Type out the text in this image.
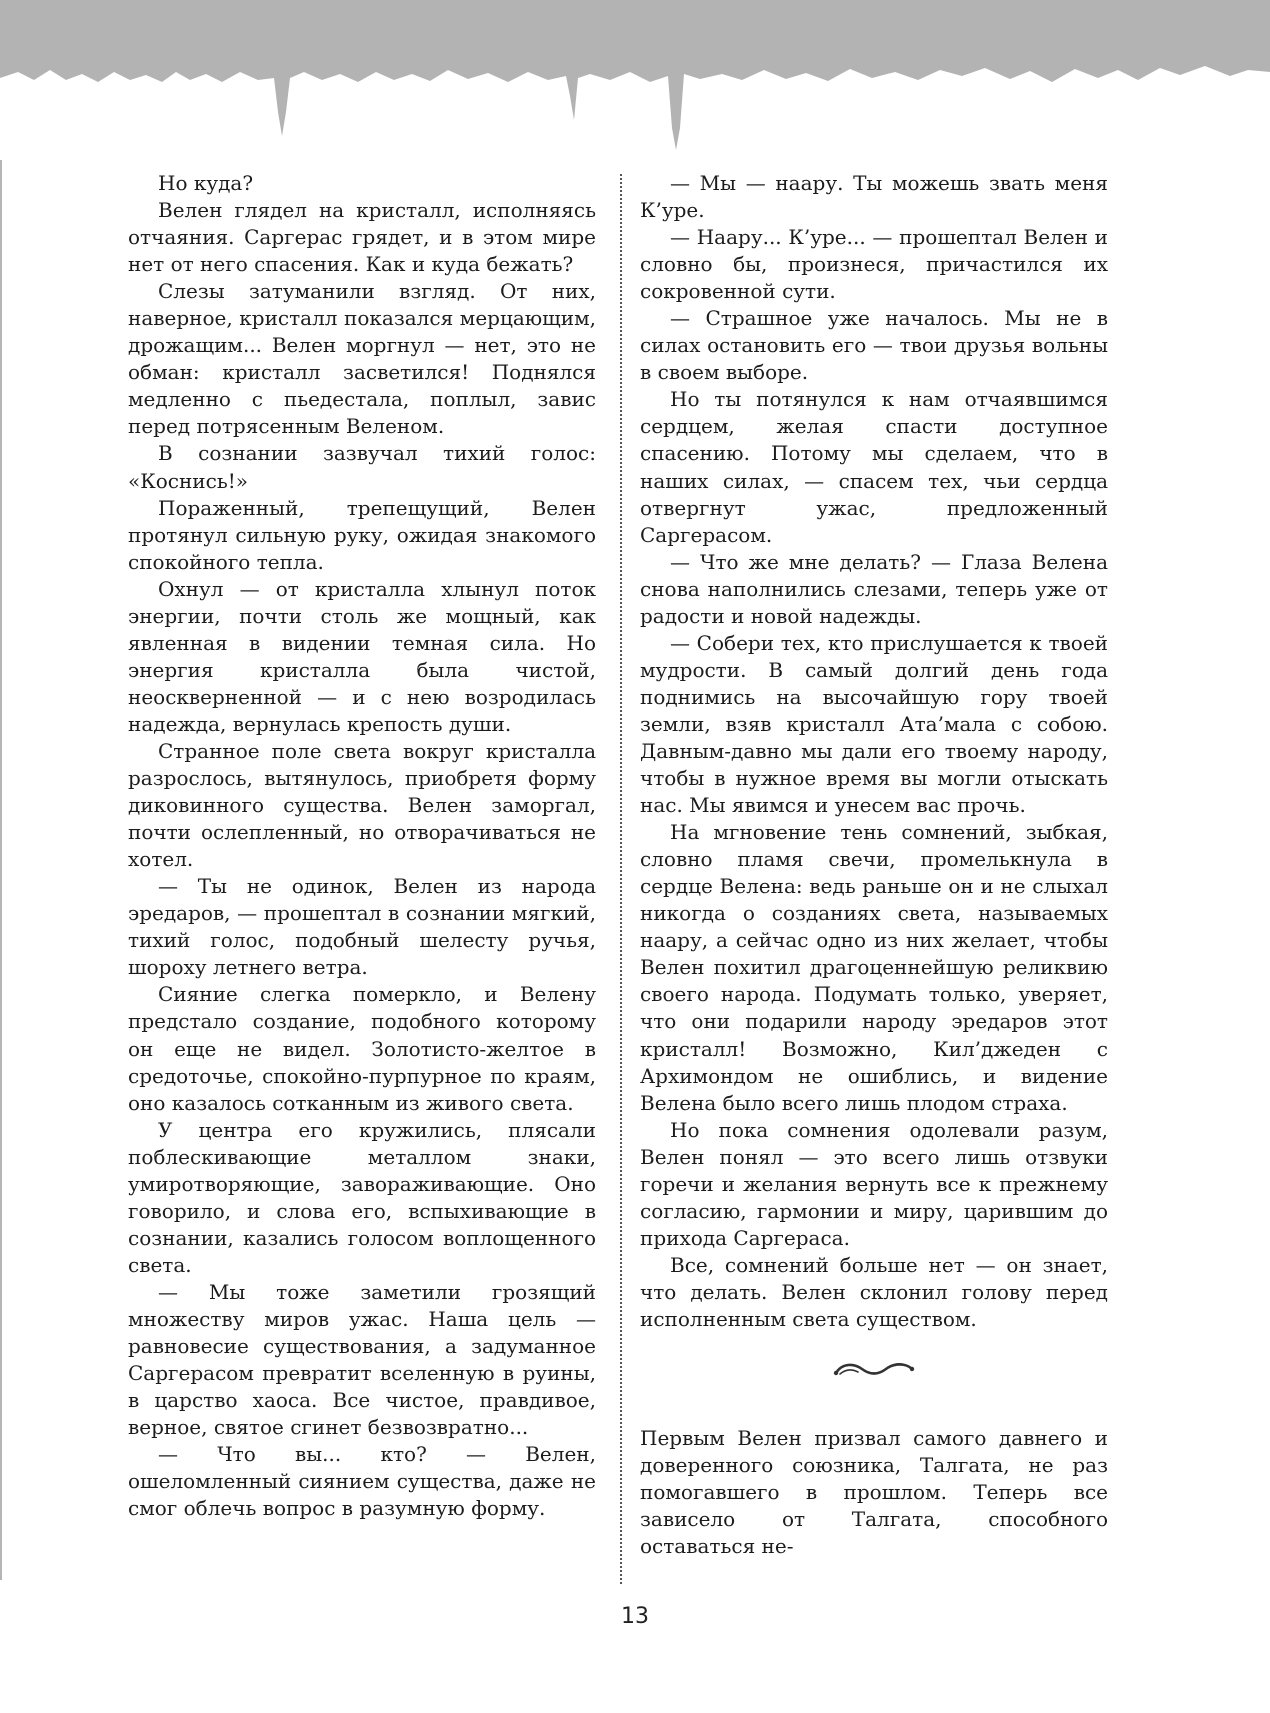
Но куда?

Велен глядел на кристалл, исполняясь отчаяния. Саргерас грядет, и в этом мире нет от него спасения. Как и куда бежать?

Слезы затуманили взгляд. От них, наверное, кристалл показался мерцающим, дрожащим... Велен моргнул — нет, это не обман: кристалл засветился! Поднялся медленно с пьедестала, поплыл, завис перед потрясенным Веленом.

В сознании зазвучал тихий голос: «Коснись!»

Пораженный, трепещущий, Велен протянул сильную руку, ожидая знакомого спокойного тепла.

Охнул — от кристалла хлынул поток энергии, почти столь же мощный, как явленная в видении темная сила. Но энергия кристалла была чистой, неоскверненной — и с нею возродилась надежда, вернулась крепость души.

Странное поле света вокруг кристалла разрослось, вытянулось, приобретя форму диковинного существа. Велен заморгал, почти ослепленный, но отворачиваться не хотел.

— Ты не одинок, Велен из народа эредаров, — прошептал в сознании мягкий, тихий голос, подобный шелесту ручья, шороху летнего ветра.

Сияние слегка померкло, и Велену предстало создание, подобного которому он еще не видел. Золотисто-желтое в средоточье, спокойно-пурпурное по краям, оно казалось сотканным из живого света.

У центра его кружились, плясали поблескивающие металлом знаки, умиротворяющие, завораживающие. Оно говорило, и слова его, вспыхивающие в сознании, казались голосом воплощенного света.

— Мы тоже заметили грозящий множеству миров ужас. Наша цель — равновесие существования, а задуманное Саргерасом превратит вселенную в руины, в царство хаоса. Все чистое, правдивое, верное, святое сгинет безвозвратно...

— Что вы... кто? — Велен, ошеломленный сиянием существа, даже не смог облечь вопрос в разумную форму.

— Мы — наару. Ты можешь звать меня К’уре.

— Наару... К’уре... — прошептал Велен и словно бы, произнеся, причастился их сокровенной сути.

— Страшное уже началось. Мы не в силах остановить его — твои друзья вольны в своем выборе.

Но ты потянулся к нам отчаявшимся сердцем, желая спасти доступное спасению. Потому мы сделаем, что в наших силах, — спасем тех, чьи сердца отвергнут ужас, предложенный Саргерасом.

— Что же мне делать? — Глаза Велена снова наполнились слезами, теперь уже от радости и новой надежды.

— Собери тех, кто прислушается к твоей мудрости. В самый долгий день года поднимись на высочайшую гору твоей земли, взяв кристалл Ата’мала с собою. Давным-давно мы дали его твоему народу, чтобы в нужное время вы могли отыскать нас. Мы явимся и унесем вас прочь.

На мгновение тень сомнений, зыбкая, словно пламя свечи, промелькнула в сердце Велена: ведь раньше он и не слыхал никогда о созданиях света, называемых наару, а сейчас одно из них желает, чтобы Велен похитил драгоценнейшую реликвию своего народа. Подумать только, уверяет, что они подарили народу эредаров этот кристалл! Возможно, Кил’джеден с Архимондом не ошиблись, и видение Велена было всего лишь плодом страха.

Но пока сомнения одолевали разум, Велен понял — это всего лишь отзвуки горечи и желания вернуть все к прежнему согласию, гармонии и миру, царившим до прихода Саргераса.

Все, сомнений больше нет — он знает, что делать. Велен склонил голову перед исполненным света существом.

Первым Велен призвал самого давнего и доверенного союзника, Талгата, не раз помогавшего в прошлом. Теперь все зависело от Талгата, способного оставаться не-

13
